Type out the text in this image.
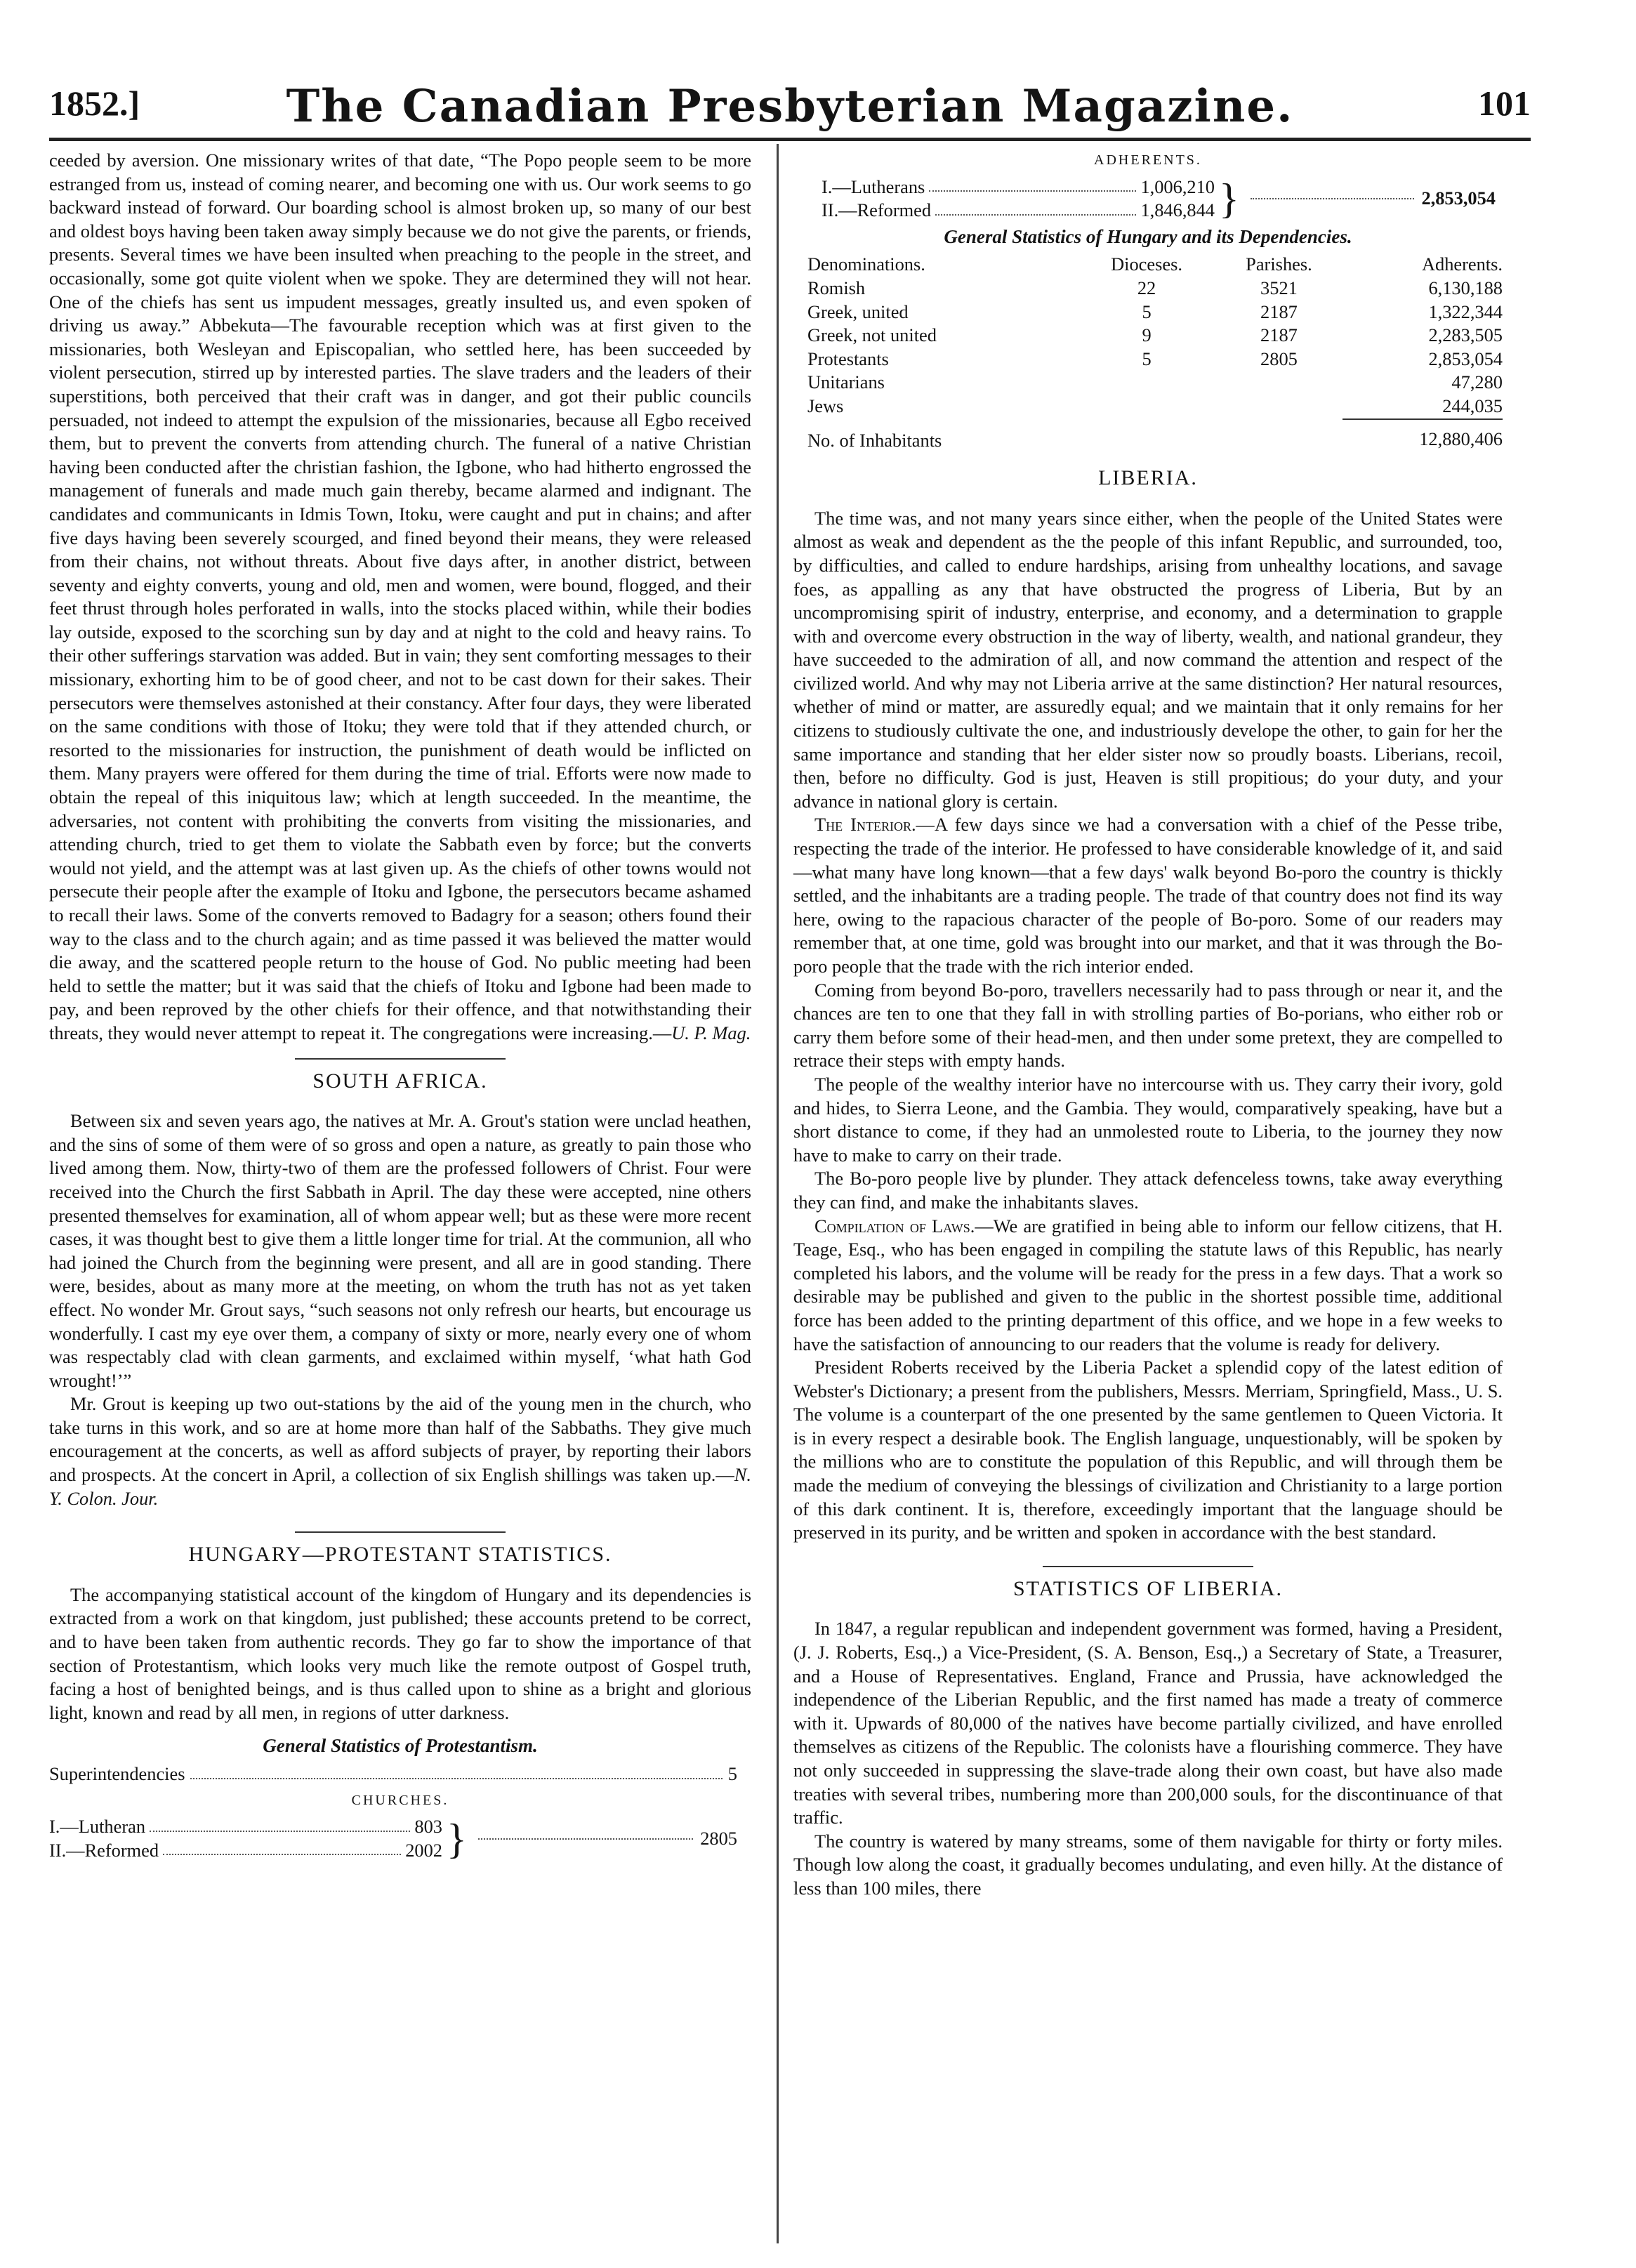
1852.]	The Canadian Presbyterian Magazine.	101

ceeded by aversion. One missionary writes of that date, “The Popo people seem to be more estranged from us, instead of coming nearer, and becoming one with us. Our work seems to go backward instead of forward. Our boarding school is almost broken up, so many of our best and oldest boys having been taken away simply because we do not give the parents, or friends, presents. Several times we have been insulted when preaching to the people in the street, and occasionally, some got quite violent when we spoke. They are determined they will not hear. One of the chiefs has sent us impudent messages, greatly insulted us, and even spoken of driving us away.” Abbekuta—The favourable reception which was at first given to the missionaries, both Wesleyan and Episcopalian, who settled here, has been succeeded by violent persecution, stirred up by interested parties. The slave traders and the leaders of their superstitions, both perceived that their craft was in danger, and got their public councils persuaded, not indeed to attempt the expulsion of the missionaries, because all Egbo received them, but to prevent the converts from attending church. The funeral of a native Christian having been conducted after the christian fashion, the Igbone, who had hitherto engrossed the management of funerals and made much gain thereby, became alarmed and indignant. The candidates and communicants in Idmis Town, Itoku, were caught and put in chains; and after five days having been severely scourged, and fined beyond their means, they were released from their chains, not without threats. About five days after, in another district, between seventy and eighty converts, young and old, men and women, were bound, flogged, and their feet thrust through holes perforated in walls, into the stocks placed within, while their bodies lay outside, exposed to the scorching sun by day and at night to the cold and heavy rains. To their other sufferings starvation was added. But in vain; they sent comforting messages to their missionary, exhorting him to be of good cheer, and not to be cast down for their sakes. Their persecutors were themselves astonished at their constancy. After four days, they were liberated on the same conditions with those of Itoku; they were told that if they attended church, or resorted to the missionaries for instruction, the punishment of death would be inflicted on them. Many prayers were offered for them during the time of trial. Efforts were now made to obtain the repeal of this iniquitous law; which at length succeeded. In the meantime, the adversaries, not content with prohibiting the converts from visiting the missionaries, and attending church, tried to get them to violate the Sabbath even by force; but the converts would not yield, and the attempt was at last given up. As the chiefs of other towns would not persecute their people after the example of Itoku and Igbone, the persecutors became ashamed to recall their laws. Some of the converts removed to Badagry for a season; others found their way to the class and to the church again; and as time passed it was believed the matter would die away, and the scattered people return to the house of God. No public meeting had been held to settle the matter; but it was said that the chiefs of Itoku and Igbone had been made to pay, and been reproved by the other chiefs for their offence, and that notwithstanding their threats, they would never attempt to repeat it. The congregations were increasing.—U. P. Mag.

SOUTH AFRICA.

Between six and seven years ago, the natives at Mr. A. Grout's station were unclad heathen, and the sins of some of them were of so gross and open a nature, as greatly to pain those who lived among them. Now, thirty-two of them are the professed followers of Christ. Four were received into the Church the first Sabbath in April. The day these were accepted, nine others presented themselves for examination, all of whom appear well; but as these were more recent cases, it was thought best to give them a little longer time for trial. At the communion, all who had joined the Church from the beginning were present, and all are in good standing. There were, besides, about as many more at the meeting, on whom the truth has not as yet taken effect. No wonder Mr. Grout says, “such seasons not only refresh our hearts, but encourage us wonderfully. I cast my eye over them, a company of sixty or more, nearly every one of whom was respectably clad with clean garments, and exclaimed within myself, ‘what hath God wrought!’”

Mr. Grout is keeping up two out-stations by the aid of the young men in the church, who take turns in this work, and so are at home more than half of the Sabbaths. They give much encouragement at the concerts, as well as afford subjects of prayer, by reporting their labors and prospects. At the concert in April, a collection of six English shillings was taken up.—N. Y. Colon. Jour.

HUNGARY—PROTESTANT STATISTICS.

The accompanying statistical account of the kingdom of Hungary and its dependencies is extracted from a work on that kingdom, just published; these accounts pretend to be correct, and to have been taken from authentic records. They go far to show the importance of that section of Protestantism, which looks very much like the remote outpost of Gospel truth, facing a host of benighted beings, and is thus called upon to shine as a bright and glorious light, known and read by all men, in regions of utter darkness.

General Statistics of Protestantism.
Superintendencies	5
CHURCHES.
I.—Lutheran	803
II.—Reformed	2002 }	2805
ADHERENTS.
I.—Lutherans	1,006,210
II.—Reformed	1,846,844 }	2,853,054
General Statistics of Hungary and its Dependencies.
Denominations.	Dioceses.	Parishes.	Adherents.
Romish	22	3521	6,130,188
Greek, united	5	2187	1,322,344
Greek, not united	9	2187	2,283,505
Protestants	5	2805	2,853,054
Unitarians			47,280
Jews			244,035
No. of Inhabitants			12,880,406
LIBERIA.

The time was, and not many years since either, when the people of the United States were almost as weak and dependent as the the people of this infant Republic, and surrounded, too, by difficulties, and called to endure hardships, arising from unhealthy locations, and savage foes, as appalling as any that have obstructed the progress of Liberia, But by an uncompromising spirit of industry, enterprise, and economy, and a determination to grapple with and overcome every obstruction in the way of liberty, wealth, and national grandeur, they have succeeded to the admiration of all, and now command the attention and respect of the civilized world. And why may not Liberia arrive at the same distinction? Her natural resources, whether of mind or matter, are assuredly equal; and we maintain that it only remains for her citizens to studiously cultivate the one, and industriously develope the other, to gain for her the same importance and standing that her elder sister now so proudly boasts. Liberians, recoil, then, before no difficulty. God is just, Heaven is still propitious; do your duty, and your advance in national glory is certain.

The Interior.—A few days since we had a conversation with a chief of the Pesse tribe, respecting the trade of the interior. He professed to have considerable knowledge of it, and said—what many have long known—that a few days' walk beyond Bo-poro the country is thickly settled, and the inhabitants are a trading people. The trade of that country does not find its way here, owing to the rapacious character of the people of Bo-poro. Some of our readers may remember that, at one time, gold was brought into our market, and that it was through the Bo-poro people that the trade with the rich interior ended.

Coming from beyond Bo-poro, travellers necessarily had to pass through or near it, and the chances are ten to one that they fall in with strolling parties of Bo-porians, who either rob or carry them before some of their head-men, and then under some pretext, they are compelled to retrace their steps with empty hands.

The people of the wealthy interior have no intercourse with us. They carry their ivory, gold and hides, to Sierra Leone, and the Gambia. They would, comparatively speaking, have but a short distance to come, if they had an unmolested route to Liberia, to the journey they now have to make to carry on their trade.

The Bo-poro people live by plunder. They attack defenceless towns, take away everything they can find, and make the inhabitants slaves.

Compilation of Laws.—We are gratified in being able to inform our fellow citizens, that H. Teage, Esq., who has been engaged in compiling the statute laws of this Republic, has nearly completed his labors, and the volume will be ready for the press in a few days. That a work so desirable may be published and given to the public in the shortest possible time, additional force has been added to the printing department of this office, and we hope in a few weeks to have the satisfaction of announcing to our readers that the volume is ready for delivery.

President Roberts received by the Liberia Packet a splendid copy of the latest edition of Webster's Dictionary; a present from the publishers, Messrs. Merriam, Springfield, Mass., U. S. The volume is a counterpart of the one presented by the same gentlemen to Queen Victoria. It is in every respect a desirable book. The English language, unquestionably, will be spoken by the millions who are to constitute the population of this Republic, and will through them be made the medium of conveying the blessings of civilization and Christianity to a large portion of this dark continent. It is, therefore, exceedingly important that the language should be preserved in its purity, and be written and spoken in accordance with the best standard.

STATISTICS OF LIBERIA.

In 1847, a regular republican and independent government was formed, having a President, (J. J. Roberts, Esq.,) a Vice-President, (S. A. Benson, Esq.,) a Secretary of State, a Treasurer, and a House of Representatives. England, France and Prussia, have acknowledged the independence of the Liberian Republic, and the first named has made a treaty of commerce with it. Upwards of 80,000 of the natives have become partially civilized, and have enrolled themselves as citizens of the Republic. The colonists have a flourishing commerce. They have not only succeeded in suppressing the slave-trade along their own coast, but have also made treaties with several tribes, numbering more than 200,000 souls, for the discontinuance of that traffic.

The country is watered by many streams, some of them navigable for thirty or forty miles. Though low along the coast, it gradually becomes undulating, and even hilly. At the distance of less than 100 miles, there
